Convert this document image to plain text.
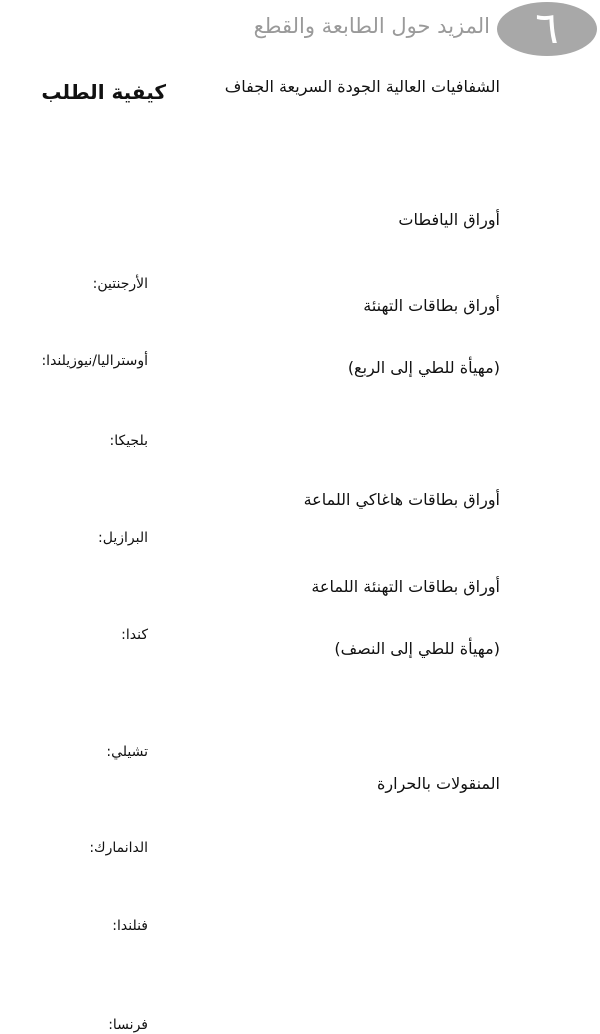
٦
المزيد حول الطابعة والقطع
الشفافيات العالية الجودة السريعة الجفاف
أوراق اليافطات
أوراق بطاقات التهنئة
(مهيأة للطي إلى الربع)
أوراق بطاقات هاغاكي اللماعة
أوراق بطاقات التهنئة اللماعة
(مهيأة للطي إلى النصف)
المنقولات بالحرارة
كيفية الطلب
الأرجنتين:
أوستراليا/نيوزيلندا:
بلجيكا:
البرازيل:
كندا:
تشيلي:
الدانمارك:
فنلندا:
فرنسا:
